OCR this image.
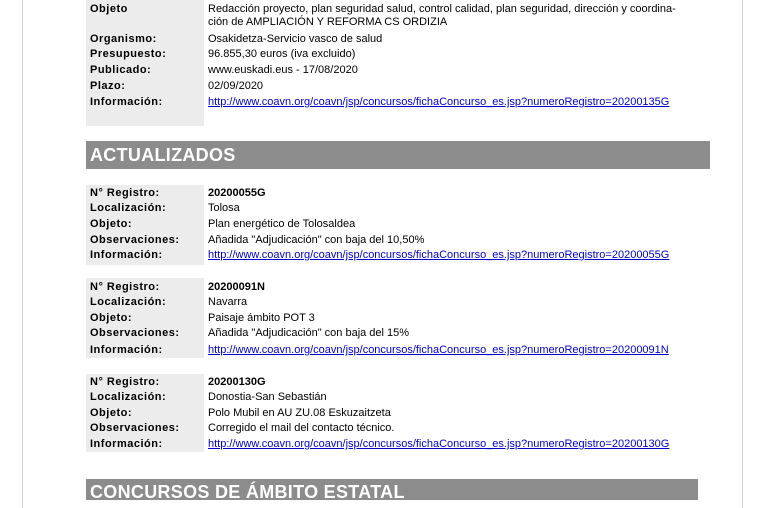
Objeto	Redacción proyecto, plan seguridad salud, control calidad, plan seguridad, dirección y coordina-
ción de AMPLIACIÓN Y REFORMA CS ORDIZIA
Organismo:	Osakidetza-Servicio vasco de salud
Presupuesto:	96.855,30 euros (iva excluido)
Publicado:	www.euskadi.eus - 17/08/2020
Plazo:	02/09/2020
Información:	http://www.coavn.org/coavn/jsp/concursos/fichaConcurso_es.jsp?numeroRegistro=20200135G
ACTUALIZADOS
N° Registro:	20200055G
Localización:	Tolosa
Objeto:	Plan energético de Tolosaldea
Observaciones:	Añadida "Adjudicación" con baja del 10,50%
Información:	http://www.coavn.org/coavn/jsp/concursos/fichaConcurso_es.jsp?numeroRegistro=20200055G
N° Registro:	20200091N
Localización:	Navarra
Objeto:	Paisaje ámbito POT 3
Observaciones:	Añadida "Adjudicación" con baja del 15%
Información:	http://www.coavn.org/coavn/jsp/concursos/fichaConcurso_es.jsp?numeroRegistro=20200091N
N° Registro:	20200130G
Localización:	Donostia-San Sebastián
Objeto:	Polo Mubil en AU ZU.08 Eskuzaitzeta
Observaciones:	Corregido el mail del contacto técnico.
Información:	http://www.coavn.org/coavn/jsp/concursos/fichaConcurso_es.jsp?numeroRegistro=20200130G
CONCURSOS DE ÁMBITO ESTATAL
